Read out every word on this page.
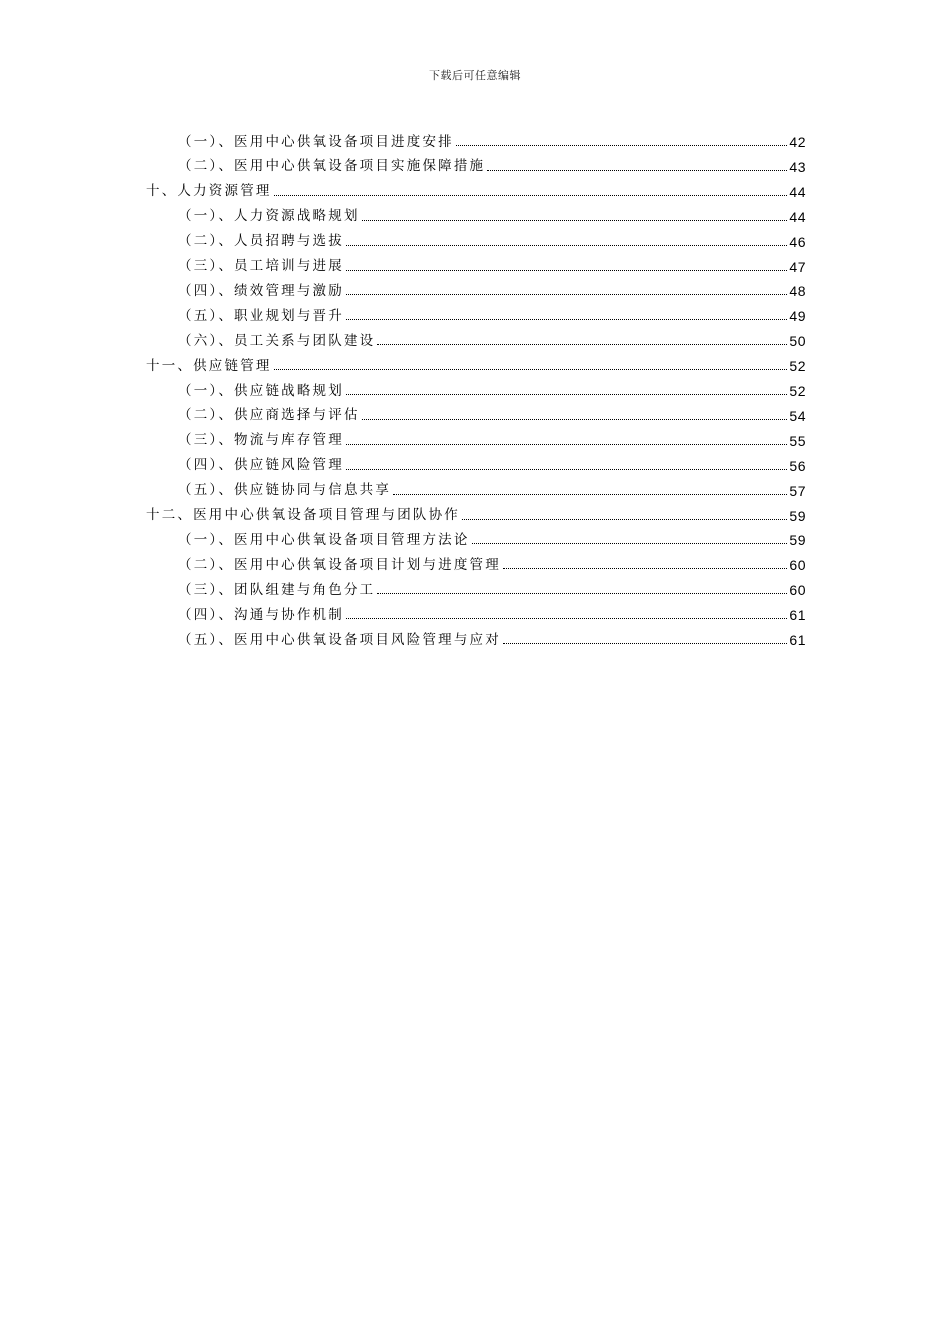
下载后可任意编辑
（一）、医用中心供氧设备项目进度安排	42
（二）、医用中心供氧设备项目实施保障措施	43
十、人力资源管理	44
（一）、人力资源战略规划	44
（二）、人员招聘与选拔	46
（三）、员工培训与进展	47
（四）、绩效管理与激励	48
（五）、职业规划与晋升	49
（六）、员工关系与团队建设	50
十一、供应链管理	52
（一）、供应链战略规划	52
（二）、供应商选择与评估	54
（三）、物流与库存管理	55
（四）、供应链风险管理	56
（五）、供应链协同与信息共享	57
十二、医用中心供氧设备项目管理与团队协作	59
（一）、医用中心供氧设备项目管理方法论	59
（二）、医用中心供氧设备项目计划与进度管理	60
（三）、团队组建与角色分工	60
（四）、沟通与协作机制	61
（五）、医用中心供氧设备项目风险管理与应对	61
